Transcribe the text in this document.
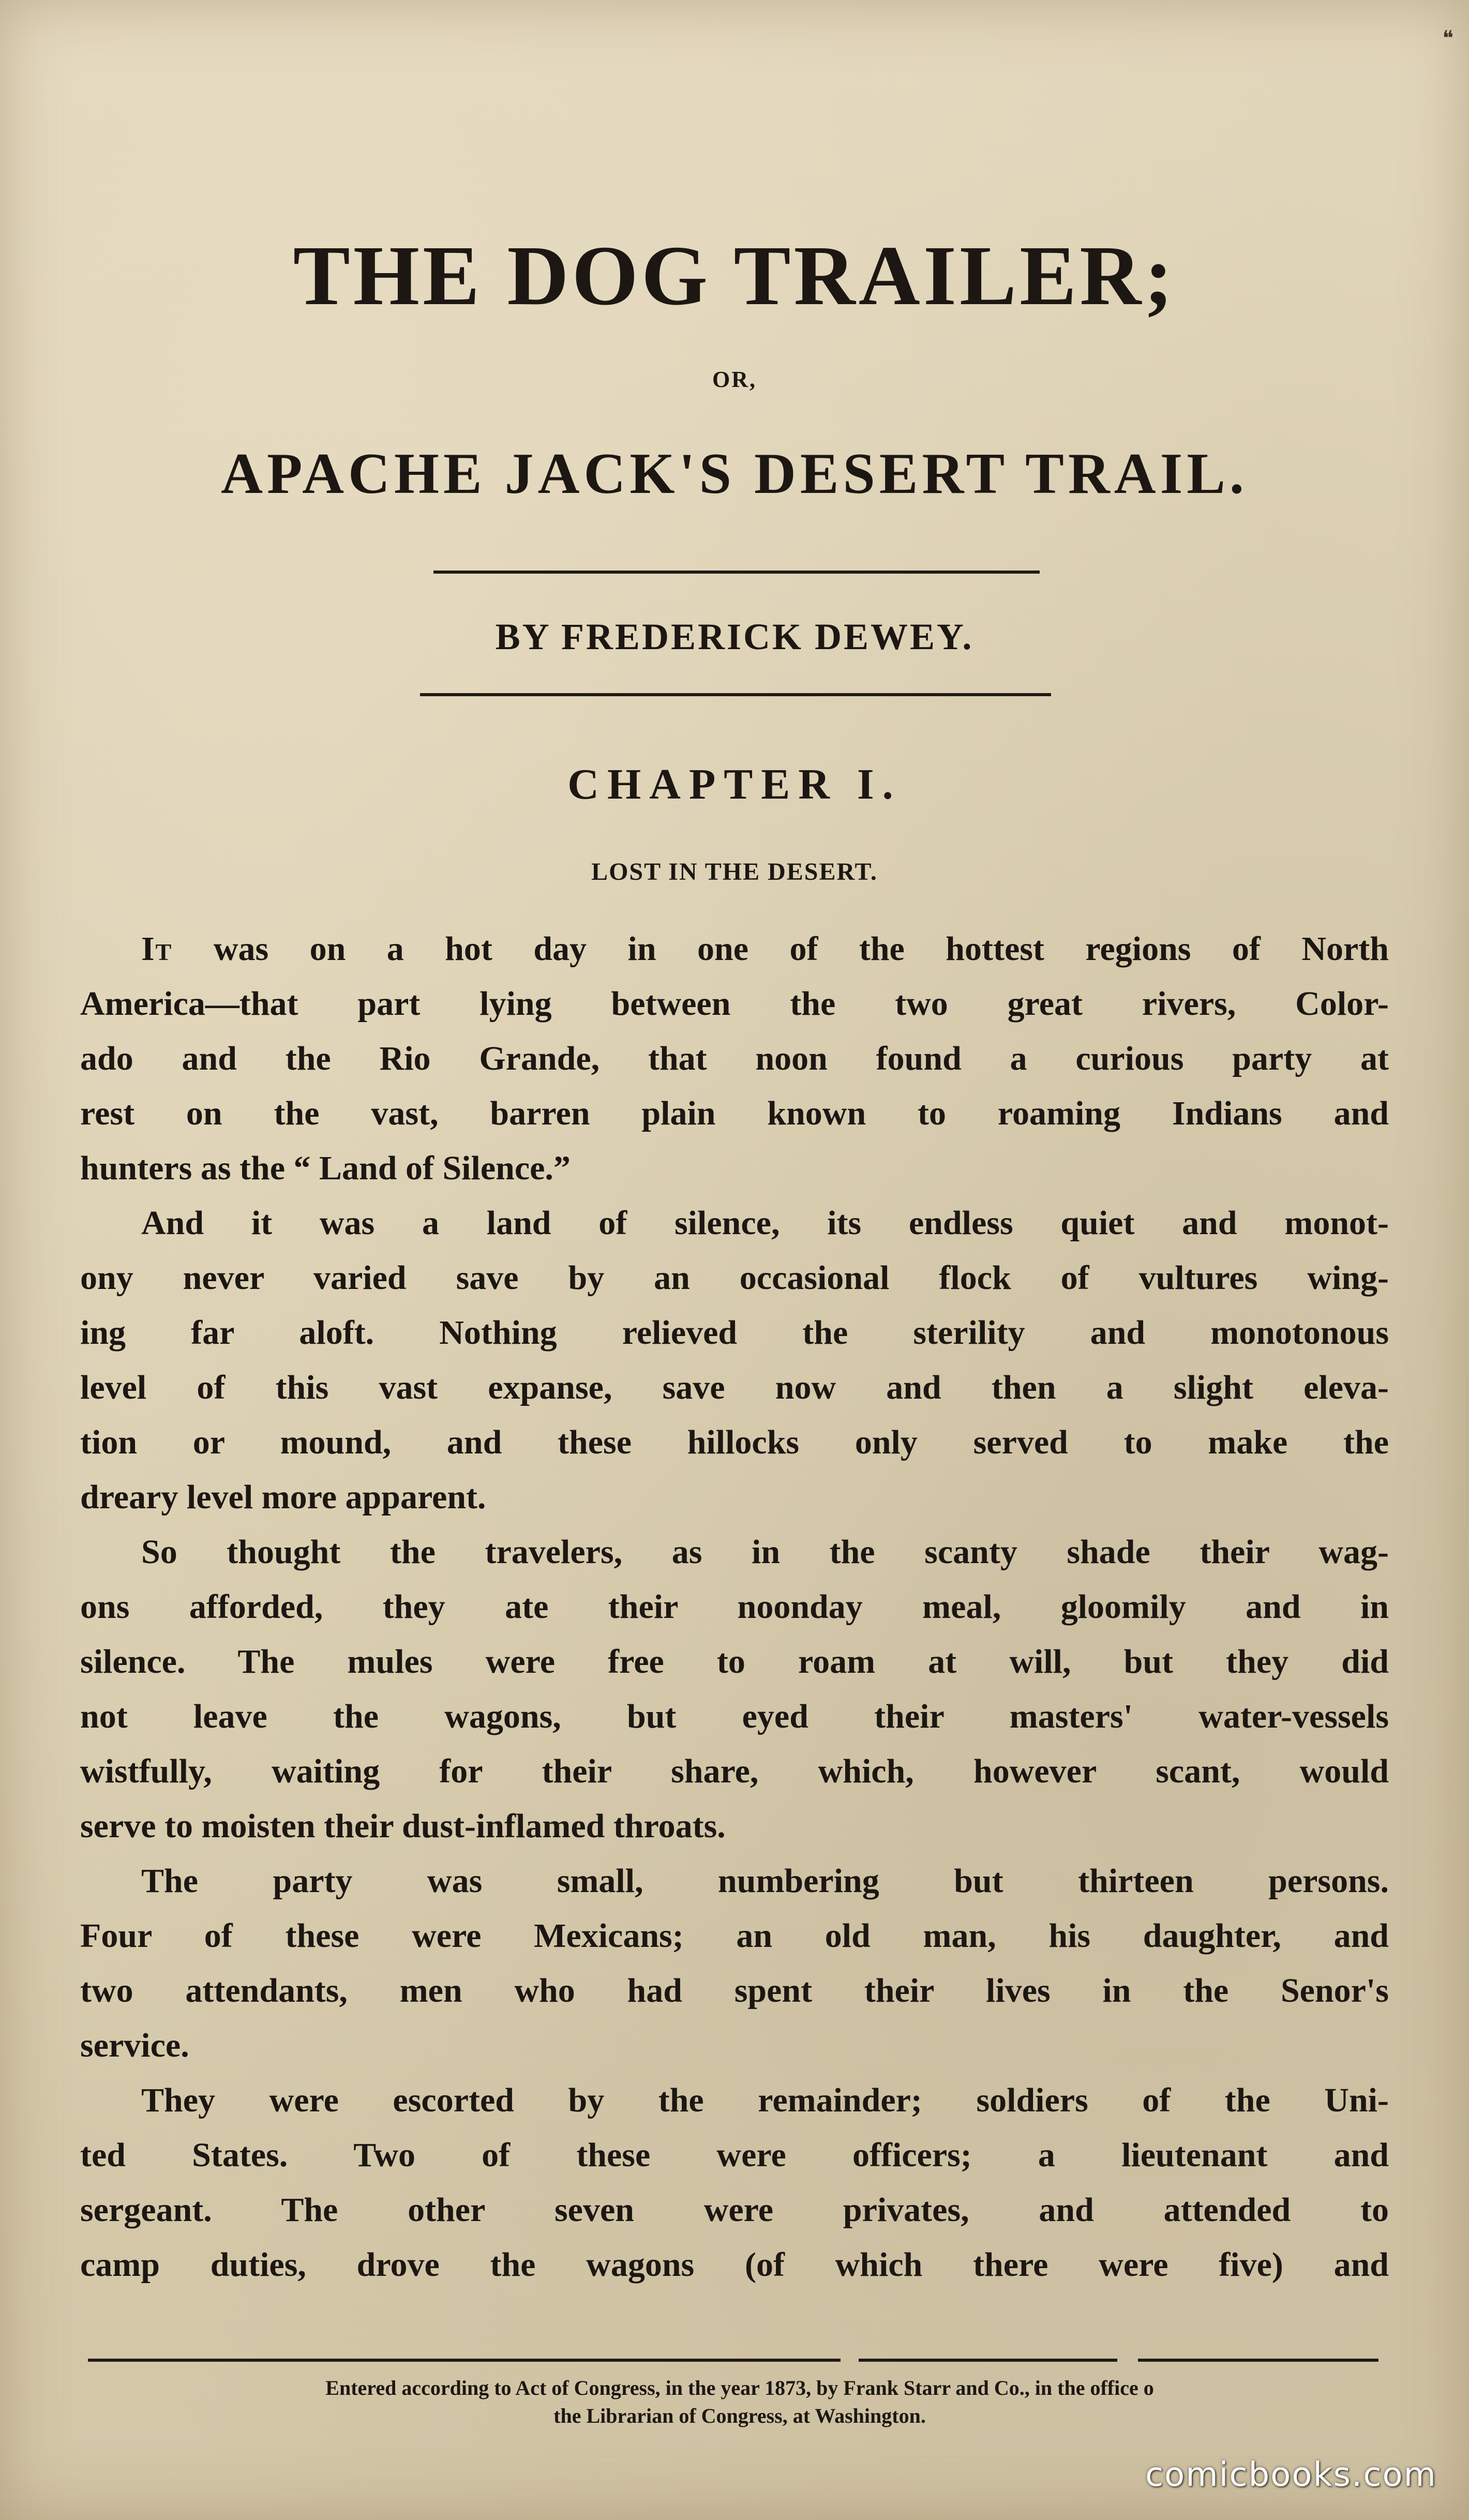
❝
THE DOG TRAILER;
OR,
APACHE JACK'S DESERT TRAIL.
BY FREDERICK DEWEY.
CHAPTER I.
LOST IN THE DESERT.
It was on a hot day in one of the hottest regions of North
America—that part lying between the two great rivers, Color-
ado and the Rio Grande, that noon found a curious party at
rest on the vast, barren plain known to roaming Indians and
hunters as the “ Land of Silence.”
And it was a land of silence, its endless quiet and monot-
ony never varied save by an occasional flock of vultures wing-
ing far aloft. Nothing relieved the sterility and monotonous
level of this vast expanse, save now and then a slight eleva-
tion or mound, and these hillocks only served to make the
dreary level more apparent.
So thought the travelers, as in the scanty shade their wag-
ons afforded, they ate their noonday meal, gloomily and in
silence. The mules were free to roam at will, but they did
not leave the wagons, but eyed their masters' water-vessels
wistfully, waiting for their share, which, however scant, would
serve to moisten their dust-inflamed throats.
The party was small, numbering but thirteen persons.
Four of these were Mexicans; an old man, his daughter, and
two attendants, men who had spent their lives in the Senor's
service.
They were escorted by the remainder; soldiers of the Uni-
ted States. Two of these were officers; a lieutenant and
sergeant. The other seven were privates, and attended to
camp duties, drove the wagons (of which there were five) and
Entered according to Act of Congress, in the year 1873, by Frank Starr and Co., in the office o
the Librarian of Congress, at Washington.
comicbooks.com
